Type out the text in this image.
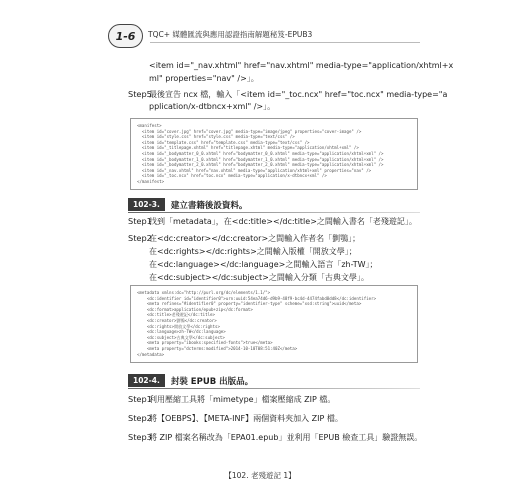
1-6	TQC+ 媒體匯流與應用認證指南解題秘笈-EPUB3
<item id="_nav.xhtml" href="nav.xhtml" media-type="application/xhtml+x
ml" properties="nav" />」。
Step5
最後宣告 ncx 檔，輸入「<item id="_toc.ncx" href="toc.ncx" media-type="a
pplication/x-dtbncx+xml" />」。
<manifest>
<item id="cover.jpg" href="cover.jpg" media-type="image/jpeg" properties="cover-image" />
<item id="style.css" href="style.css" media-type="text/css" />
<item id="template.css" href="template.css" media-type="text/css" />
<item id="_titlepage.xhtml" href="titlepage.xhtml" media-type="application/xhtml+xml" />
<item id="_bodymatter_0_0.xhtml" href="bodymatter_0_0.xhtml" media-type="application/xhtml+xml" />
<item id="_bodymatter_1_0.xhtml" href="bodymatter_1_0.xhtml" media-type="application/xhtml+xml" />
<item id="_bodymatter_2_0.xhtml" href="bodymatter_2_0.xhtml" media-type="application/xhtml+xml" />
<item id="_nav.xhtml" href="nav.xhtml" media-type="application/xhtml+xml" properties="nav" />
<item id="_toc.ncx" href="toc.ncx" media-type="application/x-dtbncx+xml" />
</manifest>
102-3.	建立書籍後設資料。
Step1
找到「metadata」，在<dc:title></dc:title>之間輸入書名「老殘遊記」。
Step2
在<dc:creator></dc:creator>之間輸入作者名「劉鶚」；
在<dc:rights></dc:rights>之間輸入版權「開放文學」；
在<dc:language></dc:language>之間輸入語言「zh-TW」；
在<dc:subject></dc:subject>之間輸入分類「古典文學」。
<metadata xmlns:dc="http://purl.org/dc/elements/1.1/">
<dc:identifier id="identifier0">urn:uuid:54ea74d6-d9b9-48f9-bc4d-4474fabd8dd8</dc:identifier>
<meta refines="#identifier0" property="identifier-type" scheme="xsd:string">uuid</meta>
<dc:format>application/epub+zip</dc:format>
<dc:title>老殘遊記</dc:title>
<dc:creator>劉鶚</dc:creator>
<dc:rights>開放文學</dc:rights>
<dc:language>zh-TW</dc:language>
<dc:subject>古典文學</dc:subject>
<meta property="ibooks:specified-fonts">true</meta>
<meta property="dcterms:modified">2014-10-10T08:51:40Z</meta>
</metadata>
102-4.	封裝 EPUB 出版品。
Step1
利用壓縮工具將「mimetype」檔案壓縮成 ZIP 檔。
Step2
將【OEBPS】、【META-INF】兩個資料夾加入 ZIP 檔。
Step3
將 ZIP 檔案名稱改為「EPA01.epub」並利用「EPUB 檢查工具」驗證無誤。
【102. 老殘遊記 1】
